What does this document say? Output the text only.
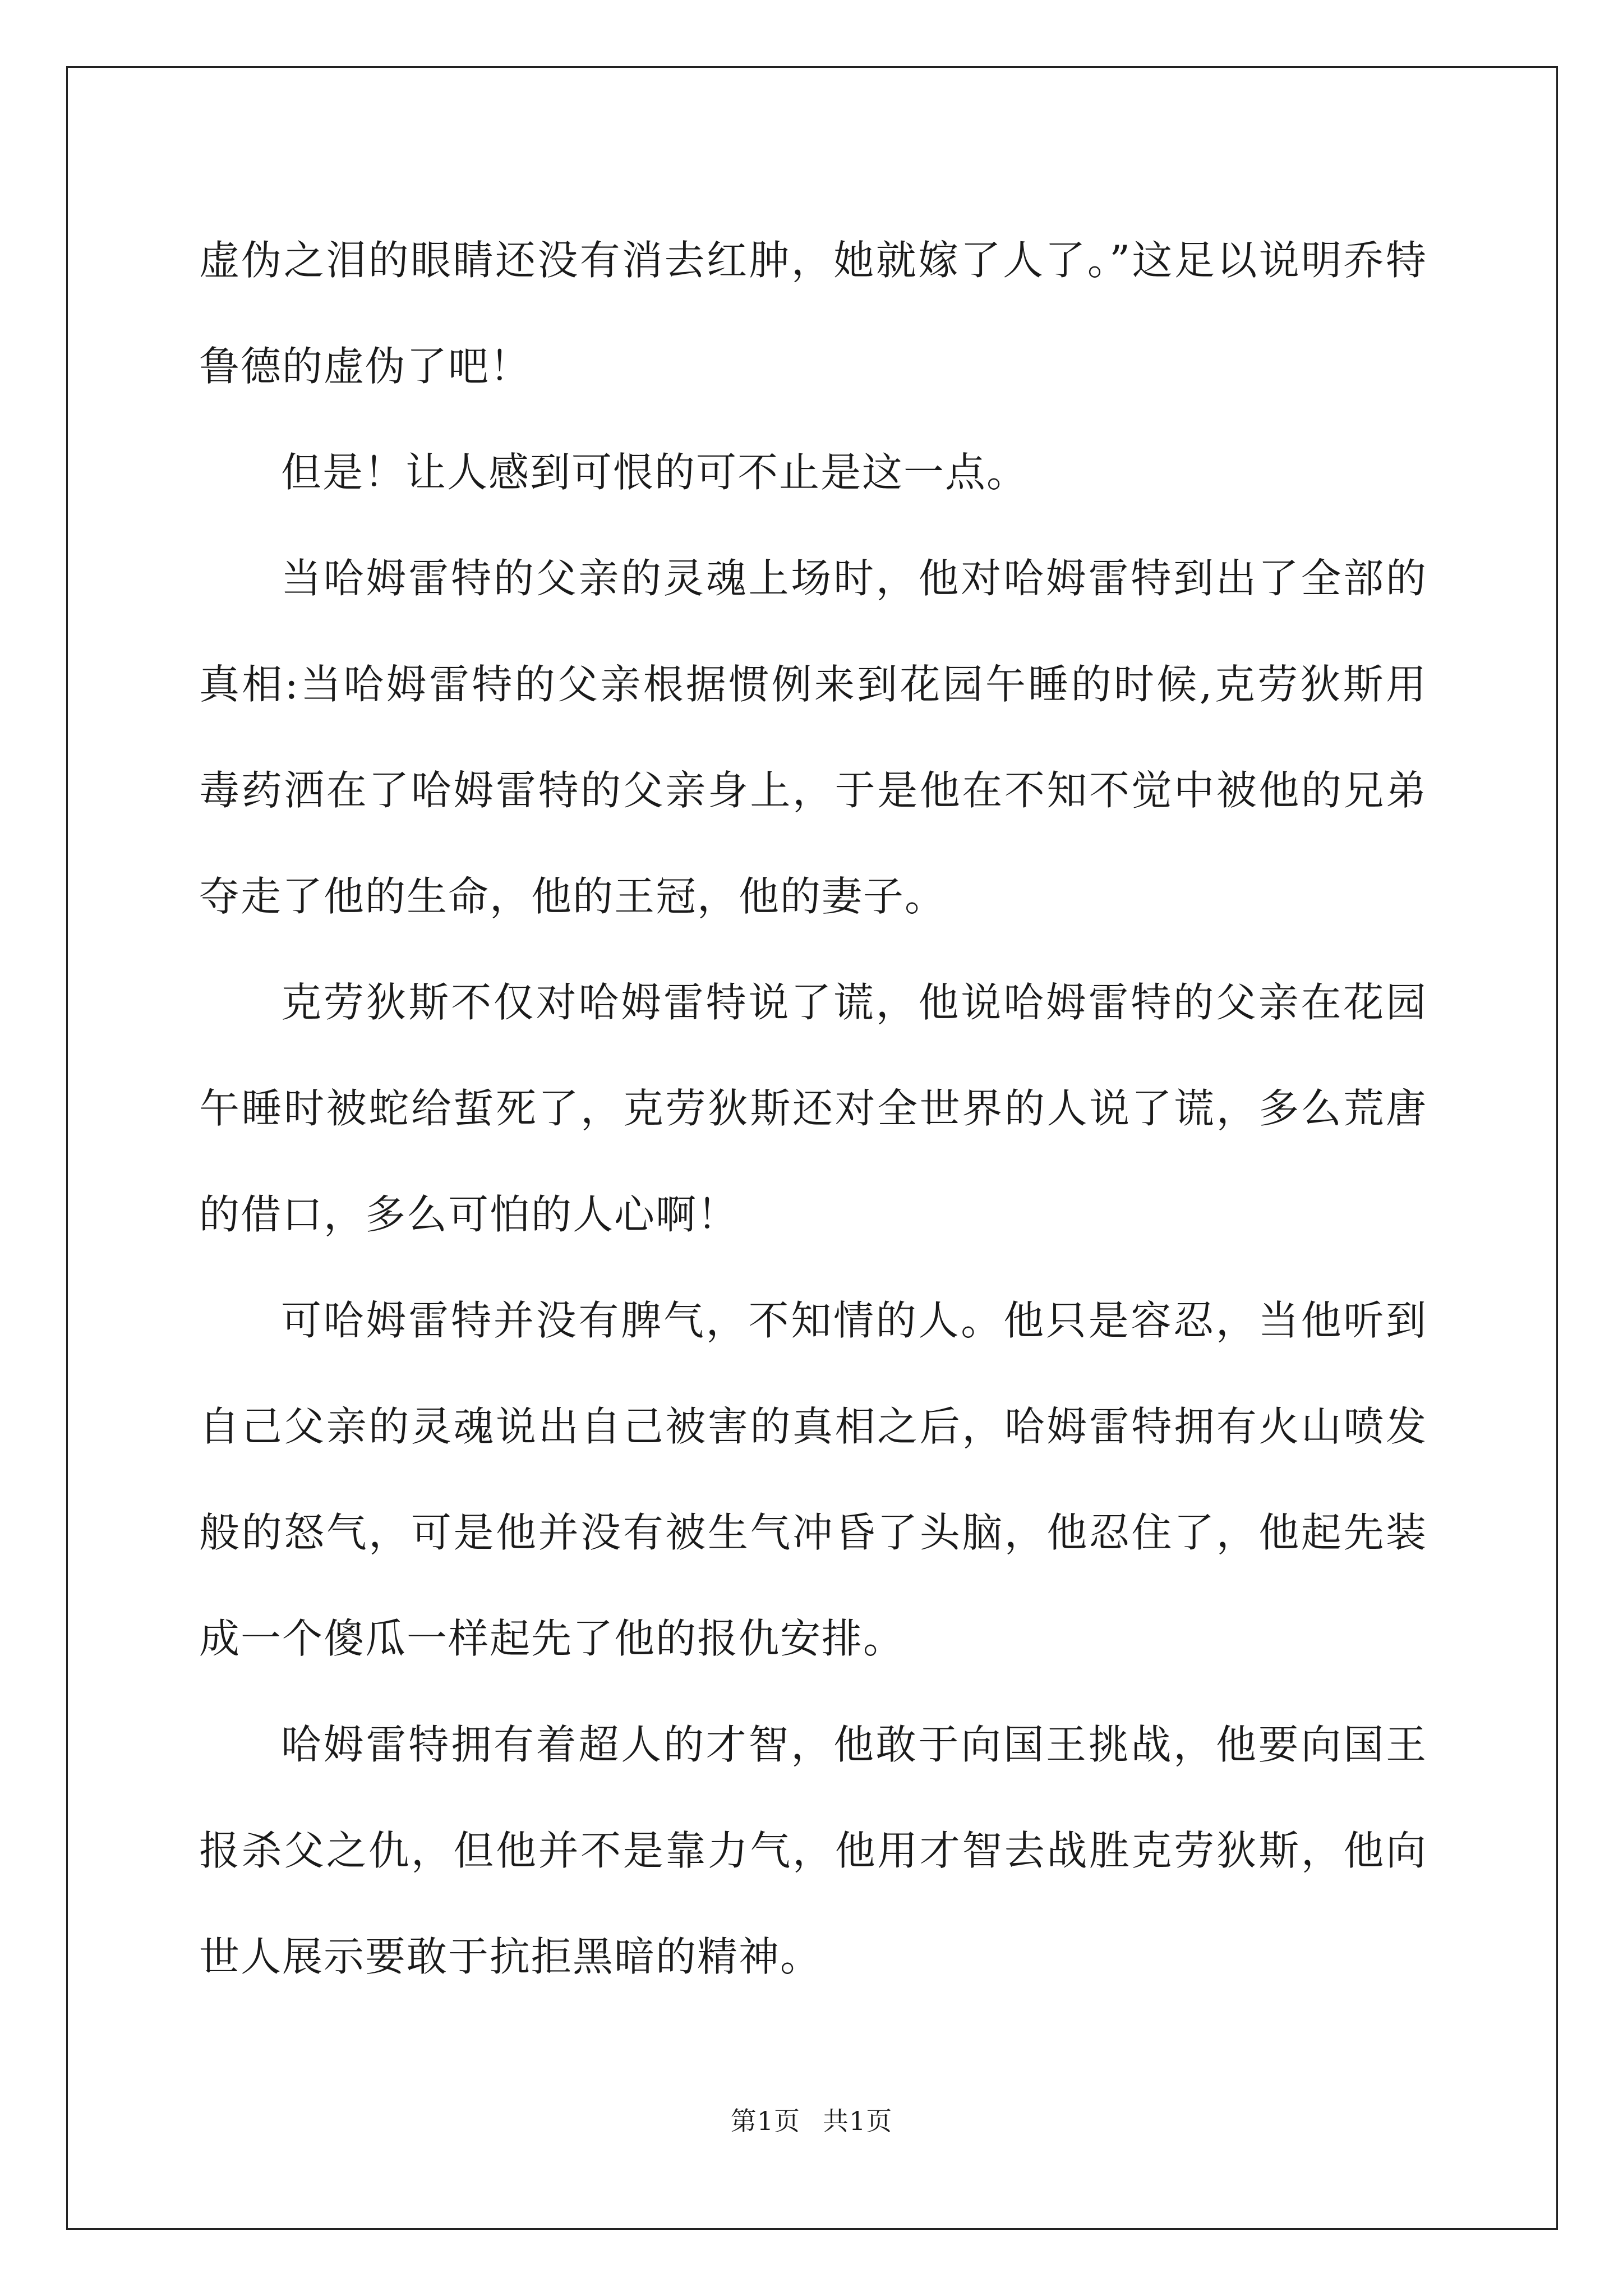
虚伪之泪的眼睛还没有消去红肿，她就嫁了人了。”这足以说明乔特鲁德的虚伪了吧！

但是！让人感到可恨的可不止是这一点。

当哈姆雷特的父亲的灵魂上场时，他对哈姆雷特到出了全部的真相:当哈姆雷特的父亲根据惯例来到花园午睡的时候,克劳狄斯用毒药洒在了哈姆雷特的父亲身上，于是他在不知不觉中被他的兄弟夺走了他的生命，他的王冠，他的妻子。

克劳狄斯不仅对哈姆雷特说了谎，他说哈姆雷特的父亲在花园午睡时被蛇给蜇死了，克劳狄斯还对全世界的人说了谎，多么荒唐的借口，多么可怕的人心啊！

可哈姆雷特并没有脾气，不知情的人。他只是容忍，当他听到自己父亲的灵魂说出自己被害的真相之后，哈姆雷特拥有火山喷发般的怒气，可是他并没有被生气冲昏了头脑，他忍住了，他起先装成一个傻瓜一样起先了他的报仇安排。

哈姆雷特拥有着超人的才智，他敢于向国王挑战，他要向国王报杀父之仇，但他并不是靠力气，他用才智去战胜克劳狄斯，他向世人展示要敢于抗拒黑暗的精神。

第1页 共1页
